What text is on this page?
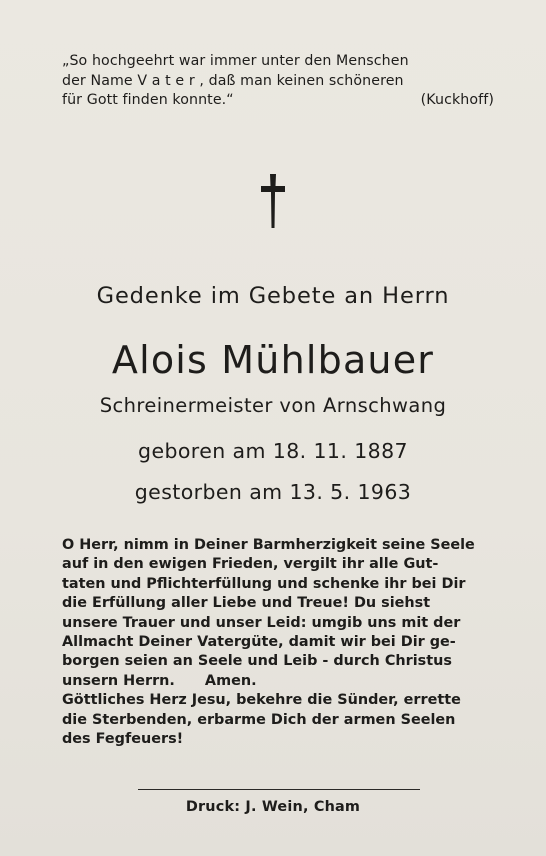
„So hochgeehrt war immer unter den Menschen
der Name V a t e r , daß man keinen schöneren
für Gott finden konnte.“	(Kuckhoff)
Gedenke im Gebete an Herrn
Alois Mühlbauer
Schreinermeister von Arnschwang
geboren am 18. 11. 1887
gestorben am 13. 5. 1963
O Herr, nimm in Deiner Barmherzigkeit seine Seele
auf in den ewigen Frieden, vergilt ihr alle Gut-
taten und Pflichterfüllung und schenke ihr bei Dir
die Erfüllung aller Liebe und Treue! Du siehst
unsere Trauer und unser Leid: umgib uns mit der
Allmacht Deiner Vatergüte, damit wir bei Dir ge-
borgen seien an Seele und Leib - durch Christus
unsern Herrn.      Amen.
Göttliches Herz Jesu, bekehre die Sünder, errette
die Sterbenden, erbarme Dich der armen Seelen
des Fegfeuers!
Druck: J. Wein, Cham
